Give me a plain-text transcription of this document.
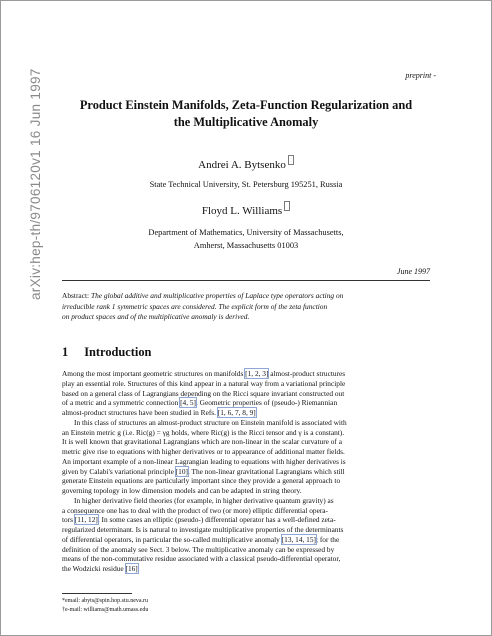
arXiv:hep-th/9706120v1 16 Jun 1997	preprint -
Product Einstein Manifolds, Zeta-Function Regularization and
the Multiplicative Anomaly
Andrei A. Bytsenko
State Technical University, St. Petersburg 195251, Russia
Floyd L. Williams
Department of Mathematics, University of Massachusetts,
Amherst, Massachusetts 01003
June 1997
Abstract: The global additive and multiplicative properties of Laplace type operators acting on
irreducible rank 1 symmetric spaces are considered. The explicit form of the zeta function
on product spaces and of the multiplicative anomaly is derived.
1 Introduction
Among the most important geometric structures on manifolds [1, 2, 3] almost-product structures
play an essential role. Structures of this kind appear in a natural way from a variational principle
based on a general class of Lagrangians depending on the Ricci square invariant constructed out
of a metric and a symmetric connection [4, 5]. Geometric properties of (pseudo-) Riemannian
almost-product structures have been studied in Refs. [1, 6, 7, 8, 9].
In this class of structures an almost-product structure on Einstein manifold is associated with
an Einstein metric g (i.e. Ric(g) = γg holds, where Ric(g) is the Ricci tensor and γ is a constant).
It is well known that gravitational Lagrangians which are non-linear in the scalar curvature of a
metric give rise to equations with higher derivatives or to appearance of additional matter fields.
An important example of a non-linear Lagrangian leading to equations with higher derivatives is
given by Calabi's variational principle [10]. The non-linear gravitational Lagrangians which still
generate Einstein equations are particularly important since they provide a general approach to
governing topology in low dimension models and can be adapted in string theory.
In higher derivative field theories (for example, in higher derivative quantum gravity) as
a consequence one has to deal with the product of two (or more) elliptic differential opera-
tors [11, 12]. In some cases an elliptic (pseudo-) differential operator has a well-defined zeta-
regularized determinant. Is is natural to investigate multiplicative properties of the determinants
of differential operators, in particular the so-called multiplicative anomaly [13, 14, 15]; for the
definition of the anomaly see Sect. 3 below. The multiplicative anomaly can be expressed by
means of the non-commutative residue associated with a classical pseudo-differential operator,
the Wodzicki residue [16].
*email: abyts@spin.hop.stu.neva.ru
†e-mail: williams@math.umass.edu
